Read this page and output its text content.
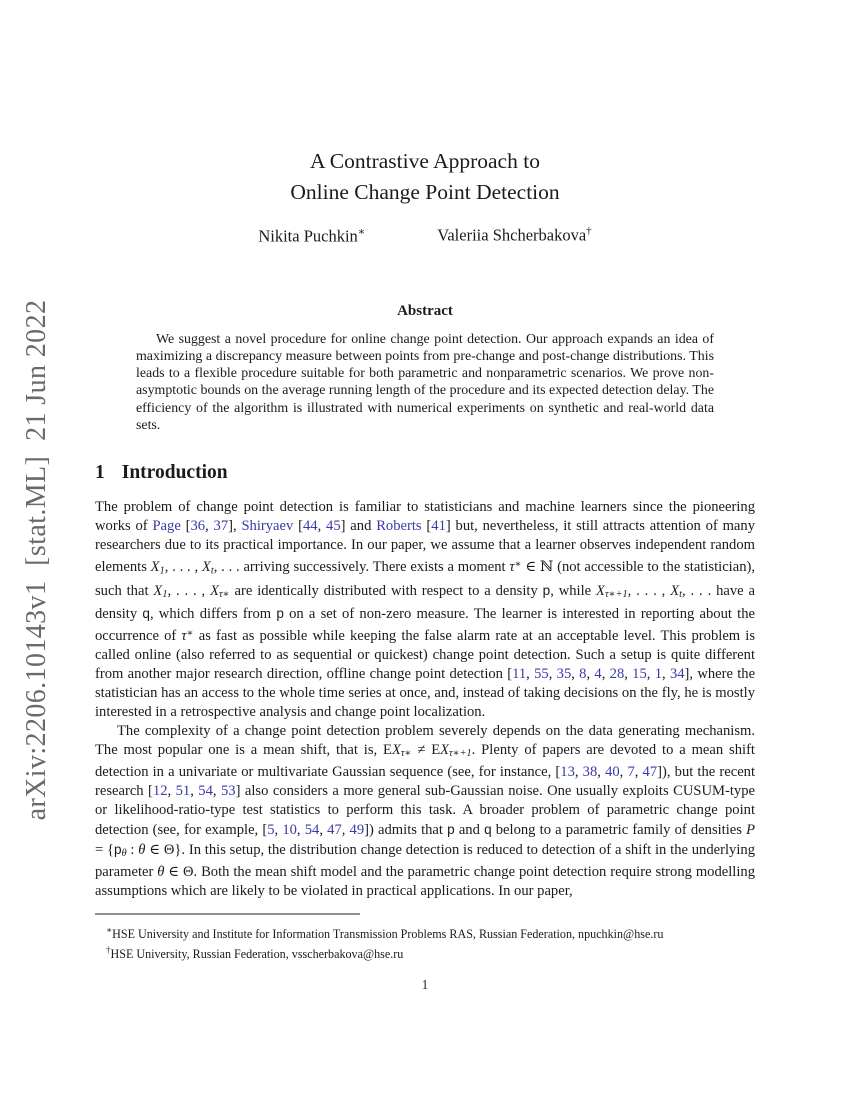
arXiv:2206.10143v1  [stat.ML]  21 Jun 2022
A Contrastive Approach to
Online Change Point Detection
Nikita Puchkin∗	Valeriia Shcherbakova†
Abstract
We suggest a novel procedure for online change point detection. Our approach expands an idea of maximizing a discrepancy measure between points from pre-change and post-change distributions. This leads to a flexible procedure suitable for both parametric and nonparametric scenarios. We prove non-asymptotic bounds on the average running length of the procedure and its expected detection delay. The efficiency of the algorithm is illustrated with numerical experiments on synthetic and real-world data sets.
1 Introduction

The problem of change point detection is familiar to statisticians and machine learners since the pioneering works of Page [36, 37], Shiryaev [44, 45] and Roberts [41] but, nevertheless, it still attracts attention of many researchers due to its practical importance. In our paper, we assume that a learner observes independent random elements X1, . . . , Xt, . . . arriving successively. There exists a moment τ∗ ∈ ℕ (not accessible to the statistician), such that X1, . . . , Xτ∗ are identically distributed with respect to a density p, while Xτ∗+1, . . . , Xt, . . . have a density q, which differs from p on a set of non-zero measure. The learner is interested in reporting about the occurrence of τ∗ as fast as possible while keeping the false alarm rate at an acceptable level. This problem is called online (also referred to as sequential or quickest) change point detection. Such a setup is quite different from another major research direction, offline change point detection [11, 55, 35, 8, 4, 28, 15, 1, 34], where the statistician has an access to the whole time series at once, and, instead of taking decisions on the fly, he is mostly interested in a retrospective analysis and change point localization.

The complexity of a change point detection problem severely depends on the data generating mechanism. The most popular one is a mean shift, that is, EXτ∗ ≠ EXτ∗+1. Plenty of papers are devoted to a mean shift detection in a univariate or multivariate Gaussian sequence (see, for instance, [13, 38, 40, 7, 47]), but the recent research [12, 51, 54, 53] also considers a more general sub-Gaussian noise. One usually exploits CUSUM-type or likelihood-ratio-type test statistics to perform this task. A broader problem of parametric change point detection (see, for example, [5, 10, 54, 47, 49]) admits that p and q belong to a parametric family of densities P = {pθ : θ ∈ Θ}. In this setup, the distribution change detection is reduced to detection of a shift in the underlying parameter θ ∈ Θ. Both the mean shift model and the parametric change point detection require strong modelling assumptions which are likely to be violated in practical applications. In our paper,

∗HSE University and Institute for Information Transmission Problems RAS, Russian Federation, npuchkin@hse.ru
†HSE University, Russian Federation, vsscherbakova@hse.ru
1
